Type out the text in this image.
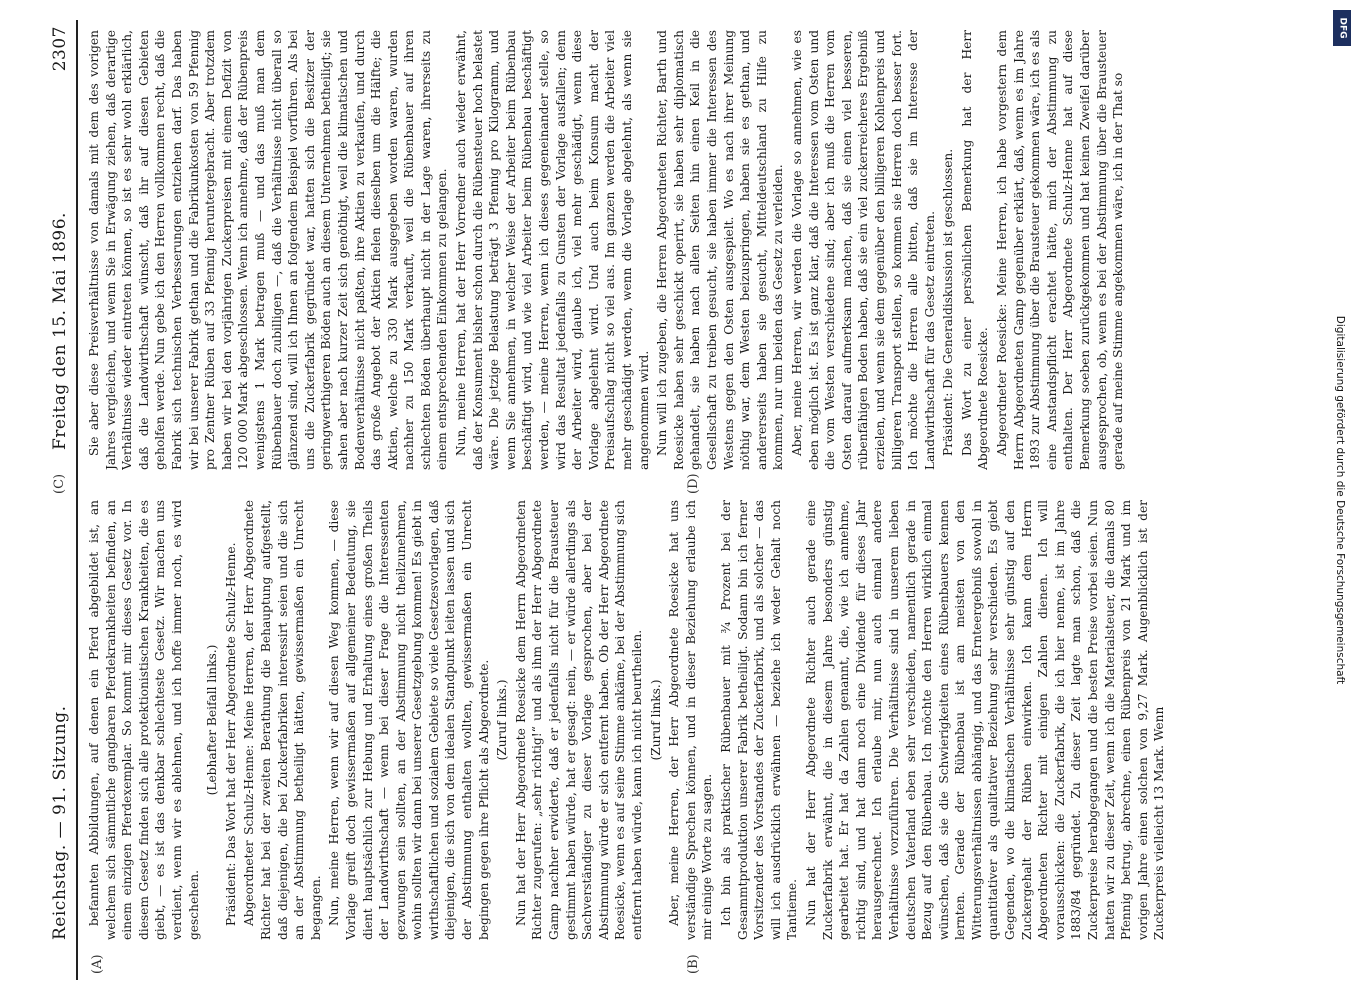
Reichstag. — 91. Sitzung.
Freitag den 15. Mai 1896.
2307
(A)	(B)
(C)	(D)

befannten Abbildungen, auf denen ein Pferd abgebildet ist, an welchem sich sämmtliche gangbaren Pferdekrankheiten befinden, an einem einzigen Pferdexemplar. So kommt mir dieses Gesetz vor. In diesem Gesetz finden sich alle protektionistischen Krankheiten, die es giebt, — es ist das denkbar schlechteste Gesetz. Wir machen uns verdient, wenn wir es ablehnen, und ich hoffe immer noch, es wird geschehen.

(Lebhafter Beifall links.) Präsident: Das Wort hat der Herr Abgeordnete Schulz-Henne. Abgeordneter Schulz-Henne: Meine Herren, der Herr Abgeordnete Richter hat bei der zweiten Berathung die Behauptung aufgestellt, daß diejenigen, die bei Zuckerfabriken interessirt seien und die sich an der Abstimmung betheiligt hätten, gewissermaßen ein Unrecht begangen. Nun, meine Herren, wenn wir auf diesen Weg kommen, — diese Vorlage greift doch gewissermaßen auf allgemeiner Bedeutung, sie dient hauptsächlich zur Hebung und Erhaltung eines großen Theils der Landwirthschaft — wenn bei dieser Frage die Interessenten gezwungen sein sollten, an der Abstimmung nicht theilzunehmen, wohin sollten wir dann bei unserer Gesetzgebung kommen! Es giebt in wirthschaftlichen und sozialem Gebiete so viele Gesetzesvorlagen, daß diejenigen, die sich von dem idealen Standpunkt leiten lassen und sich der Abstimmung enthalten wollten, gewissermaßen ein Unrecht begingen gegen ihre Pflicht als Abgeordnete. (Zuruf links.) Nun hat der Herr Abgeordnete Roesicke dem Herrn Abgeordneten Richter zugerufen: „sehr richtig!“ und als ihm der Herr Abgeordnete Gamp nachher erwiderte, daß er jedenfalls nicht für die Brausteuer gestimmt haben würde, hat er gesagt: nein, — er würde allerdings als Sachverständiger zu dieser Vorlage gesprochen, aber bei der Abstimmung würde er sich entfernt haben. Ob der Herr Abgeordnete Roesicke, wenn es auf seine Stimme ankäme, bei der Abstimmung sich entfernt haben würde, kann ich nicht beurtheilen. (Zuruf links.) Aber, meine Herren, der Herr Abgeordnete Roesicke hat uns verständige Sprechen können, und in dieser Beziehung erlaube ich mir einige Worte zu sagen. Ich bin als praktischer Rübenbauer mit ¾ Prozent bei der Gesammtproduktion unserer Fabrik betheiligt. Sodann bin ich ferner Vorsitzender des Vorstandes der Zuckerfabrik, und als solcher — das will ich ausdrücklich erwähnen — beziehe ich weder Gehalt noch Tantieme. Nun hat der Herr Abgeordnete Richter auch gerade eine Zuckerfabrik erwähnt, die in diesem Jahre besonders günstig gearbeitet hat. Er hat da Zahlen genannt, die, wie ich annehme, richtig sind, und hat dann noch eine Dividende für dieses Jahr herausgerechnet. Ich erlaube mir, nun auch einmal andere Verhältnisse vorzuführen. Die Verhältnisse sind in unserem lieben deutschen Vaterland eben sehr verschieden, namentlich gerade in Bezug auf den Rübenbau. Ich möchte den Herren wirklich einmal wünschen, daß sie die Schwierigkeiten eines Rübenbauers kennen lernten. Gerade der Rübenbau ist am meisten von den Witterungsverhältnissen abhängig, und das Ernteergebniß sowohl in quantitativer als qualitativer Beziehung sehr verschieden. Es giebt Gegenden, wo die klimatischen Verhältnisse sehr günstig auf den Zuckergehalt der Rüben einwirken. Ich kann dem Herrn Abgeordneten Richter mit einigen Zahlen dienen. Ich will vorausschicken: die Zuckerfabrik, die ich hier nenne, ist im Jahre 1883/84 gegründet. Zu dieser Zeit lagte man schon, daß die Zuckerpreise herabgegangen und die besten Preise vorbei seien. Nun hatten wir zu dieser Zeit, wenn ich die Materialsteuer, die damals 80 Pfennig betrug, abrechne, einen Rübenpreis von 21 Mark und im vorigen Jahre einen solchen von 9,27 Mark. Augenblicklich ist der Zuckerpreis vielleicht 13 Mark. Wenn

Sie aber diese Preisverhältnisse von damals mit dem des vorigen Jahres vergleichen, und wenn Sie in Erwägung ziehen, daß derartige Verhältnisse wieder eintreten können, so ist es sehr wohl erklärlich, daß die Landwirthschaft wünscht, daß ihr auf diesen Gebieten geholfen werde. Nun gebe ich den Herren vollkommen recht, daß die Fabrik sich technischen Verbesserungen entziehen darf. Das haben wir bei unserer Fabrik gethan und die Fabrikunkosten von 59 Pfennig pro Zentner Rüben auf 33 Pfennig heruntergebracht. Aber trotzdem haben wir bei den vorjährigen Zuckerpreisen mit einem Defizit von 120 000 Mark abgeschlossen. Wenn ich annehme, daß der Rübenpreis wenigstens 1 Mark betragen muß — und das muß man dem Rübenbauer doch zubilligen —, daß die Verhältnisse nicht überall so glänzend sind, will ich Ihnen an folgendem Beispiel vorführen. Als bei uns die Zuckerfabrik gegründet war, hatten sich die Besitzer der geringwerthigeren Böden auch an diesem Unternehmen betheiligt; sie sahen aber nach kurzer Zeit sich genöthigt, weil die klimatischen und Bodenverhältnisse nicht paßten, ihre Aktien zu verkaufen, und durch das große Angebot der Aktien fielen dieselben um die Hälfte; die Aktien, welche zu 330 Mark ausgegeben worden waren, wurden nachher zu 150 Mark verkauft, weil die Rübenbauer auf ihren schlechten Böden überhaupt nicht in der Lage waren, ihrerseits zu einem entsprechenden Einkommen zu gelangen. Nun, meine Herren, hat der Herr Vorredner auch wieder erwähnt, daß der Konsument bisher schon durch die Rübensteuer hoch belastet wäre. Die jetzige Belastung beträgt 3 Pfennig pro Kilogramm, und wenn Sie annehmen, in welcher Weise der Arbeiter beim Rübenbau beschäftigt wird, und wie viel Arbeiter beim Rübenbau beschäftigt werden, — meine Herren, wenn ich dieses gegeneinander stelle, so wird das Resultat jedenfalls zu Gunsten der Vorlage ausfallen; denn der Arbeiter wird, glaube ich, viel mehr geschädigt, wenn diese Vorlage abgelehnt wird. Und auch beim Konsum macht der Preisaufschlag nicht so viel aus. Im ganzen werden die Arbeiter viel mehr geschädigt werden, wenn die Vorlage abgelehnt, als wenn sie angenommen wird. Nun will ich zugeben, die Herren Abgeordneten Richter, Barth und Roesicke haben sehr geschickt operirt, sie haben sehr diplomatisch gehandelt, sie haben nach allen Seiten hin einen Keil in die Gesellschaft zu treiben gesucht, sie haben immer die Interessen des Westens gegen den Osten ausgespielt. Wo es nach ihrer Meinung nöthig war, dem Westen beizuspringen, haben sie es gethan, und andererseits haben sie gesucht, Mitteldeutschland zu Hilfe zu kommen, nur um beiden das Gesetz zu verleiden. Aber, meine Herren, wir werden die Vorlage so annehmen, wie es eben möglich ist. Es ist ganz klar, daß die Interessen vom Osten und die vom Westen verschiedene sind; aber ich muß die Herren vom Osten darauf aufmerksam machen, daß sie einen viel besseren, rübenfähigen Boden haben, daß sie ein viel zuckerreicheres Ergebniß erzielen, und wenn sie dem gegenüber den billigeren Kohlenpreis und billigeren Transport stellen, so kommen sie Herren doch besser fort. Ich möchte die Herren alle bitten, daß sie im Interesse der Landwirthschaft für das Gesetz eintreten. Präsident: Die Generaldiskussion ist geschlossen. Das Wort zu einer persönlichen Bemerkung hat der Herr Abgeordnete Roesicke. Abgeordneter Roesicke: Meine Herren, ich habe vorgestern dem Herrn Abgeordneten Gamp gegenüber erklärt, daß, wenn es im Jahre 1893 zur Abstimmung über die Brausteuer gekommen wäre, ich es als eine Anstandspflicht erachtet hätte, mich der Abstimmung zu enthalten. Der Herr Abgeordnete Schulz-Henne hat auf diese Bemerkung soeben zurückgekommen und hat keinen Zweifel darüber ausgesprochen, ob, wenn es bei der Abstimmung über die Brausteuer gerade auf meine Stimme angekommen wäre, ich in der That so

DFG
Digitalisierung gefördert durch die Deutsche Forschungsgemeinschaft
